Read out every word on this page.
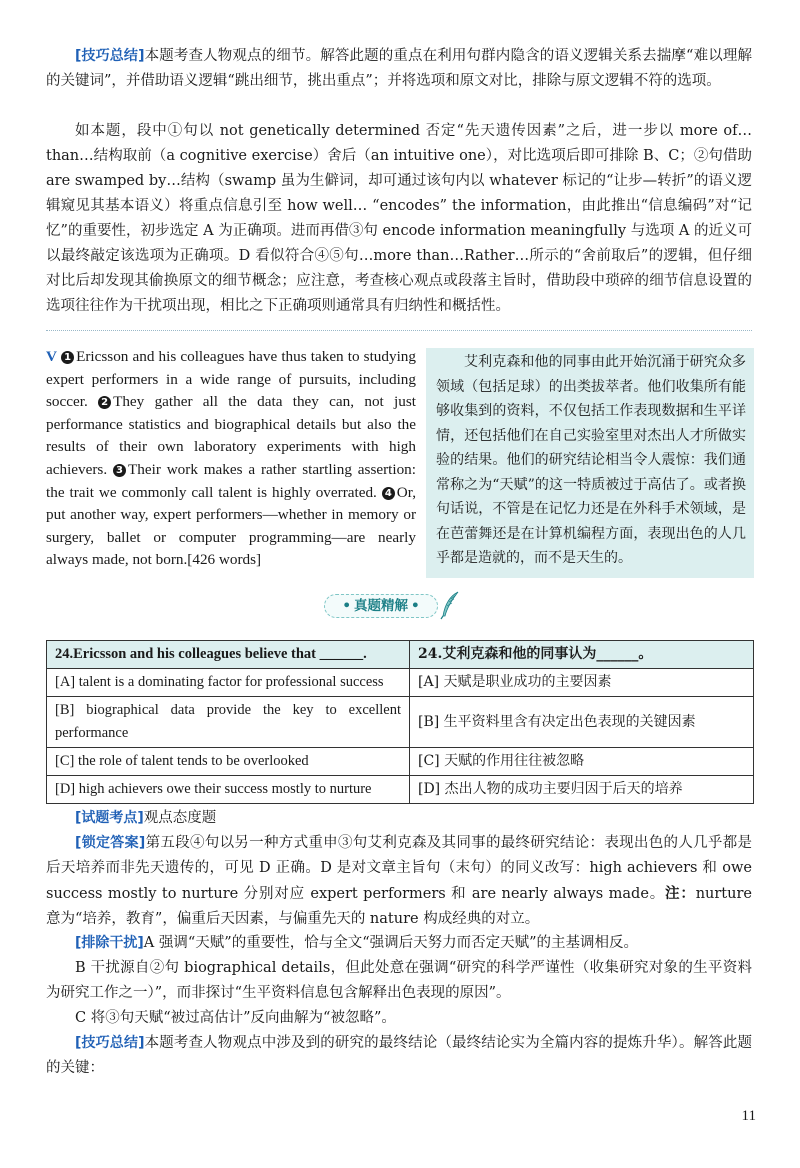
[技巧总结]本题考查人物观点的细节。解答此题的重点在利用句群内隐含的语义逻辑关系去揣摩“难以理解的关键词”，并借助语义逻辑“跳出细节，挑出重点”；并将选项和原文对比，排除与原文逻辑不符的选项。

如本题，段中①句以 not genetically determined 否定“先天遗传因素”之后，进一步以 more of…than…结构取前（a cognitive exercise）舍后（an intuitive one），对比选项后即可排除 B、C；②句借助 are swamped by…结构（swamp 虽为生僻词，却可通过该句内以 whatever 标记的“让步—转折”的语义逻辑窥见其基本语义）将重点信息引至 how well… “encodes” the information，由此推出“信息编码”对“记忆”的重要性，初步选定 A 为正确项。进而再借③句 encode information meaningfully 与选项 A 的近义可以最终敲定该选项为正确项。D 看似符合④⑤句…more than…Rather…所示的“舍前取后”的逻辑，但仔细对比后却发现其偷换原文的细节概念；应注意，考查核心观点或段落主旨时，借助段中琐碎的细节信息设置的选项往往作为干扰项出现，相比之下正确项则通常具有归纳性和概括性。

V 1 Ericsson and his colleagues have thus taken to studying expert performers in a wide range of pursuits, including soccer. 2 They gather all the data they can, not just performance statistics and biographical details but also the results of their own laboratory experiments with high achievers. 3 Their work makes a rather startling assertion: the trait we commonly call talent is highly overrated. 4 Or, put another way, expert performers—whether in memory or surgery, ballet or computer programming—are nearly always made, not born.[426 words]

艾利克森和他的同事由此开始沉涌于研究众多领域（包括足球）的出类拔萃者。他们收集所有能够收集到的资料，不仅包括工作表现数据和生平详情，还包括他们在自己实验室里对杰出人才所做实验的结果。他们的研究结论相当令人震惊：我们通常称之为“天赋”的这一特质被过于高估了。或者换句话说，不管是在记忆力还是在外科手术领域，是在芭蕾舞还是在计算机编程方面，表现出色的人几乎都是造就的，而不是天生的。

• 真题精解 •
24.Ericsson and his colleagues believe that ______.	24.艾利克森和他的同事认为______。
[A] talent is a dominating factor for professional success	[A] 天赋是职业成功的主要因素
[B] biographical data provide the key to excellent performance	[B] 生平资料里含有决定出色表现的关键因素
[C] the role of talent tends to be overlooked	[C] 天赋的作用往往被忽略
[D] high achievers owe their success mostly to nurture	[D] 杰出人物的成功主要归因于后天的培养

[试题考点]观点态度题

[锁定答案]第五段④句以另一种方式重申③句艾利克森及其同事的最终研究结论：表现出色的人几乎都是后天培养而非先天遗传的，可见 D 正确。D 是对文章主旨句（末句）的同义改写：high achievers 和 owe success mostly to nurture 分别对应 expert performers 和 are nearly always made。注：nurture 意为“培养，教育”，偏重后天因素，与偏重先天的 nature 构成经典的对立。

[排除干扰]A 强调“天赋”的重要性，恰与全文“强调后天努力而否定天赋”的主基调相反。

B 干扰源自②句 biographical details，但此处意在强调“研究的科学严谨性（收集研究对象的生平资料为研究工作之一）”，而非探讨“生平资料信息包含解释出色表现的原因”。

C 将③句天赋“被过高估计”反向曲解为“被忽略”。

[技巧总结]本题考查人物观点中涉及到的研究的最终结论（最终结论实为全篇内容的提炼升华）。解答此题的关键：

11
